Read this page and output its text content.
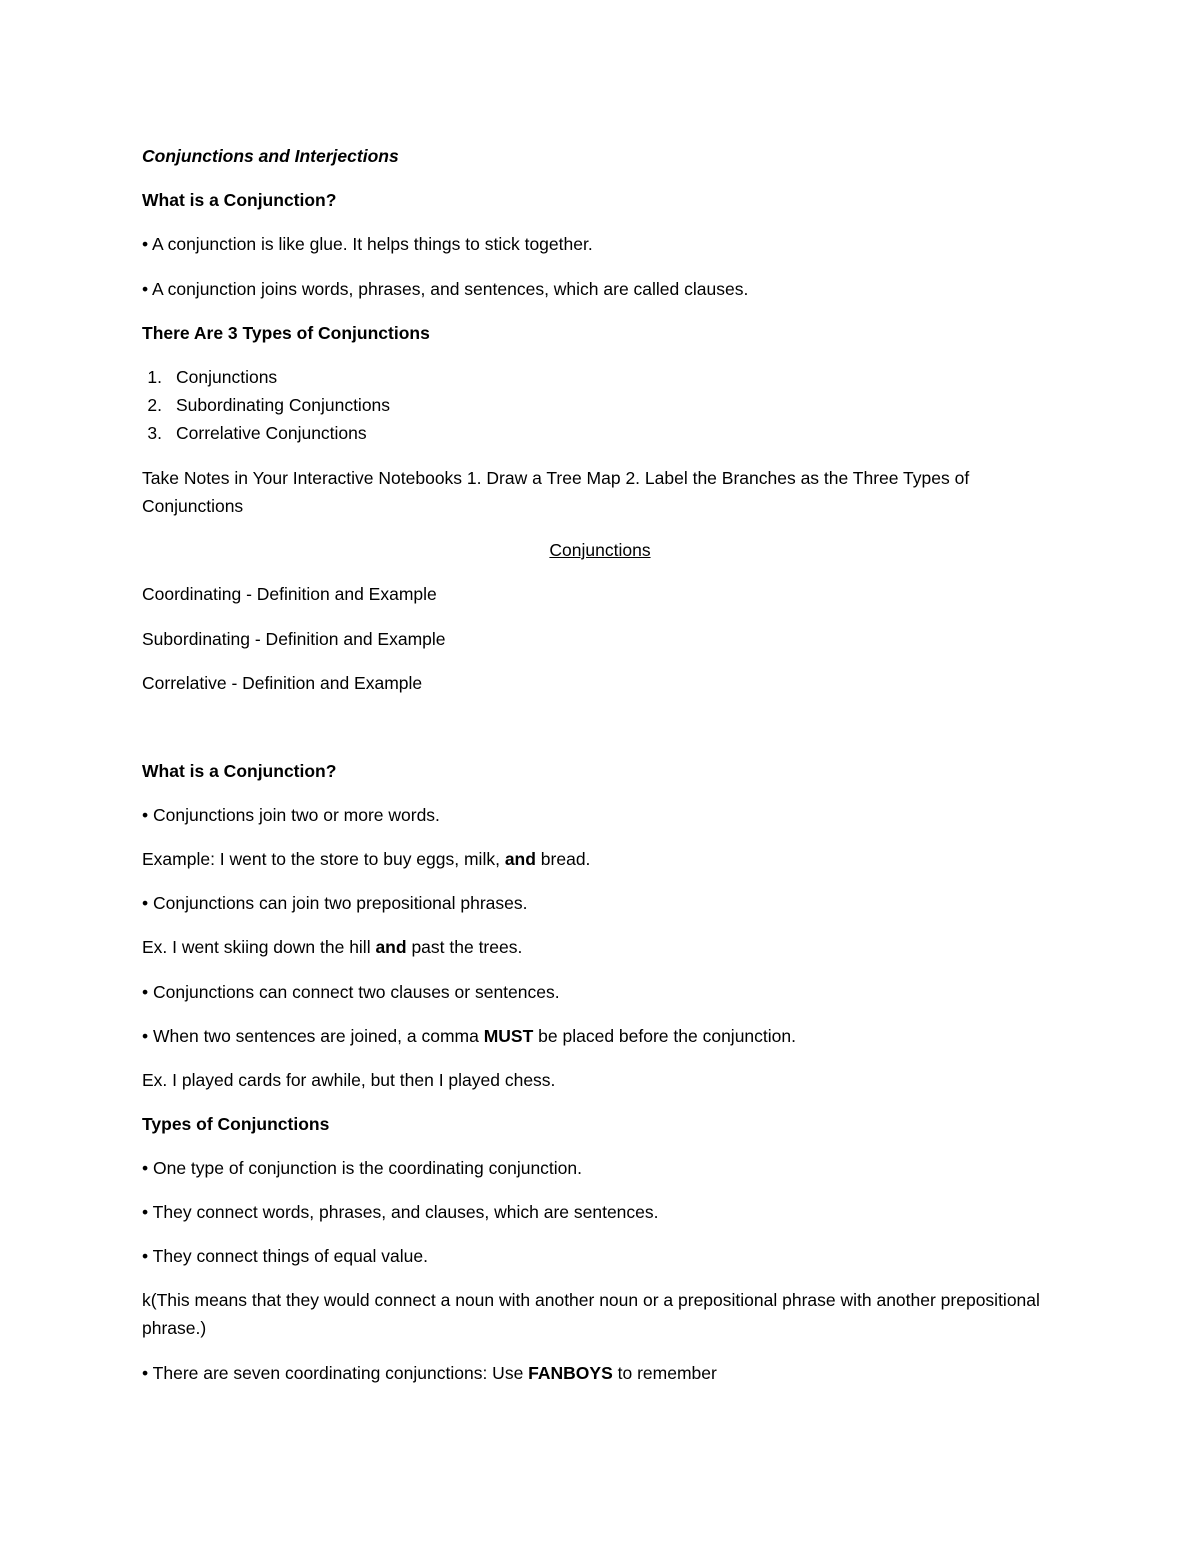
Conjunctions and Interjections
What is a Conjunction?
• A conjunction is like glue. It helps things to stick together.
• A conjunction joins words, phrases, and sentences, which are called clauses.
There Are 3 Types of Conjunctions
1. Conjunctions
2. Subordinating Conjunctions
3. Correlative Conjunctions
Take Notes in Your Interactive Notebooks 1. Draw a Tree Map 2. Label the Branches as the Three Types of Conjunctions
Conjunctions
Coordinating - Definition and Example
Subordinating - Definition and Example
Correlative - Definition and Example
What is a Conjunction?
• Conjunctions join two or more words.
Example: I went to the store to buy eggs, milk, and bread.
• Conjunctions can join two prepositional phrases.
Ex. I went skiing down the hill and past the trees.
• Conjunctions can connect two clauses or sentences.
• When two sentences are joined, a comma MUST be placed before the conjunction.
Ex. I played cards for awhile, but then I played chess.
Types of Conjunctions
• One type of conjunction is the coordinating conjunction.
• They connect words, phrases, and clauses, which are sentences.
• They connect things of equal value.
k(This means that they would connect a noun with another noun or a prepositional phrase with another prepositional phrase.)
• There are seven coordinating conjunctions: Use FANBOYS to remember
